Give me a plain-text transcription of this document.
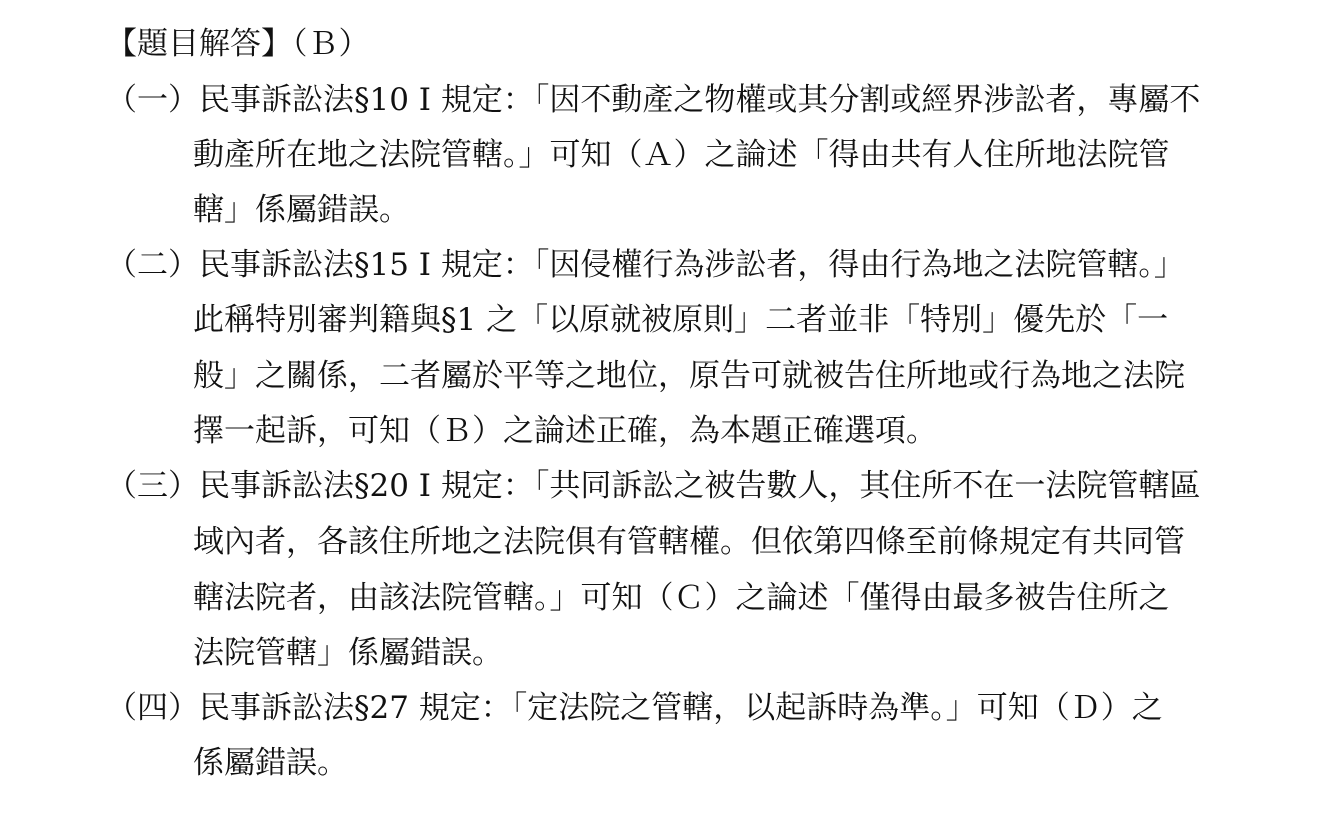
【題目解答】（Ｂ）
（一）民事訴訟法§10 I 規定：「因不動產之物權或其分割或經界涉訟者，專屬不
動產所在地之法院管轄。」可知（Ａ）之論述「得由共有人住所地法院管
轄」係屬錯誤。
（二）民事訴訟法§15 I 規定：「因侵權行為涉訟者，得由行為地之法院管轄。」
此稱特別審判籍與§1 之「以原就被原則」二者並非「特別」優先於「一
般」之關係，二者屬於平等之地位，原告可就被告住所地或行為地之法院
擇一起訴，可知（Ｂ）之論述正確，為本題正確選項。
（三）民事訴訟法§20 I 規定：「共同訴訟之被告數人，其住所不在一法院管轄區
域內者，各該住所地之法院俱有管轄權。但依第四條至前條規定有共同管
轄法院者，由該法院管轄。」可知（Ｃ）之論述「僅得由最多被告住所之
法院管轄」係屬錯誤。
（四）民事訴訟法§27 規定：「定法院之管轄，以起訴時為準。」可知（Ｄ）之
係屬錯誤。
